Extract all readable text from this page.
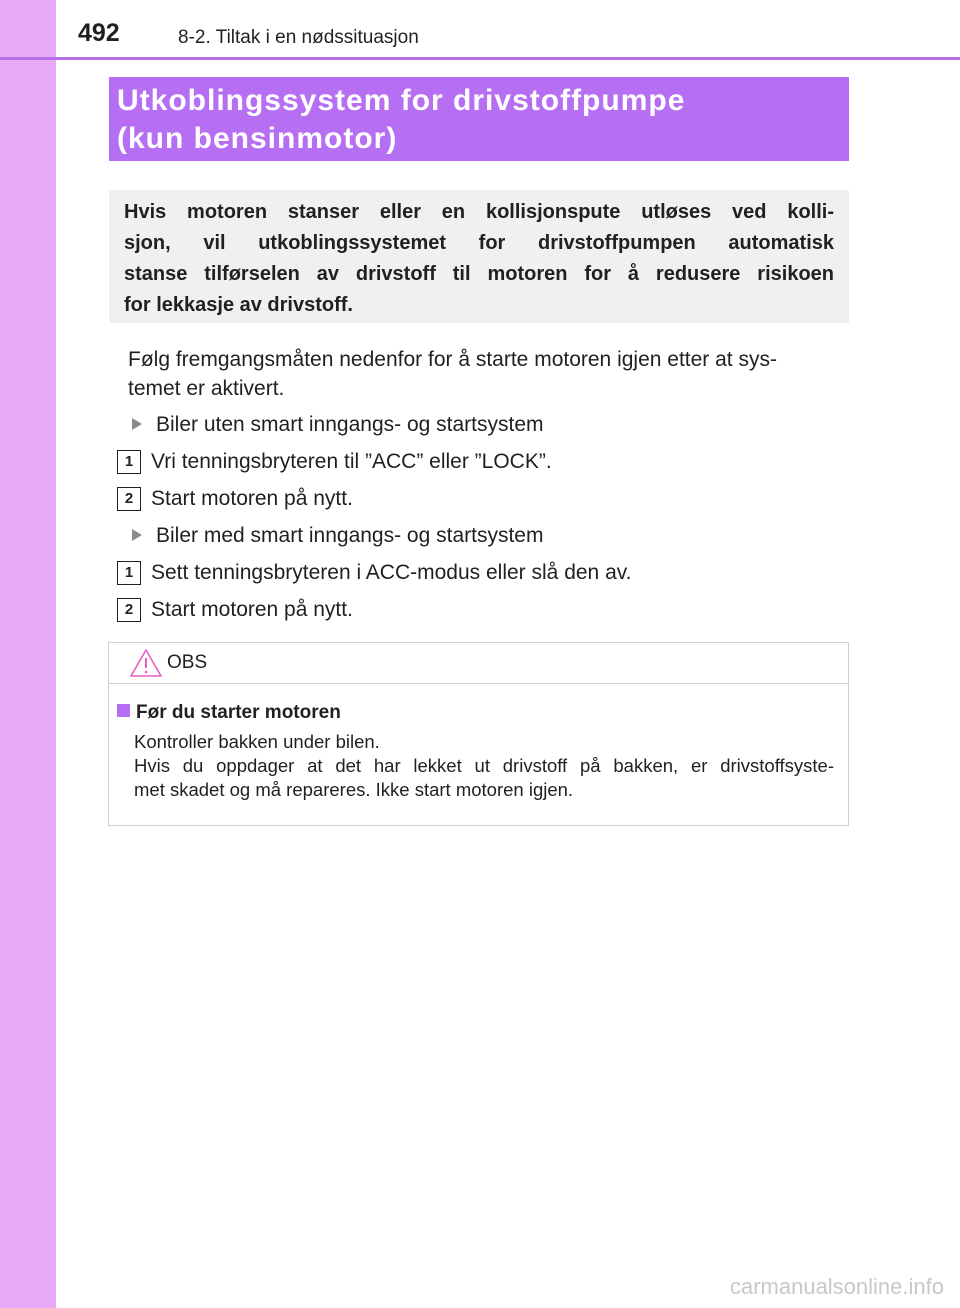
492	8-2. Tiltak i en nødssituasjon
Utkoblingssystem for drivstoffpumpe
(kun bensinmotor)
Hvis motoren stanser eller en kollisjonspute utløses ved kolli-
sjon, vil utkoblingssystemet for drivstoffpumpen automatisk
stanse tilførselen av drivstoff til motoren for å redusere risikoen
for lekkasje av drivstoff.
Følg fremgangsmåten nedenfor for å starte motoren igjen etter at sys-
temet er aktivert.
Biler uten smart inngangs- og startsystem
1 Vri tenningsbryteren til ”ACC” eller ”LOCK”.
2 Start motoren på nytt.
Biler med smart inngangs- og startsystem
1 Sett tenningsbryteren i ACC-modus eller slå den av.
2 Start motoren på nytt.
OBS
Før du starter motoren
Kontroller bakken under bilen.
Hvis du oppdager at det har lekket ut drivstoff på bakken, er drivstoffsyste-
met skadet og må repareres. Ikke start motoren igjen.
carmanualsonline.info
